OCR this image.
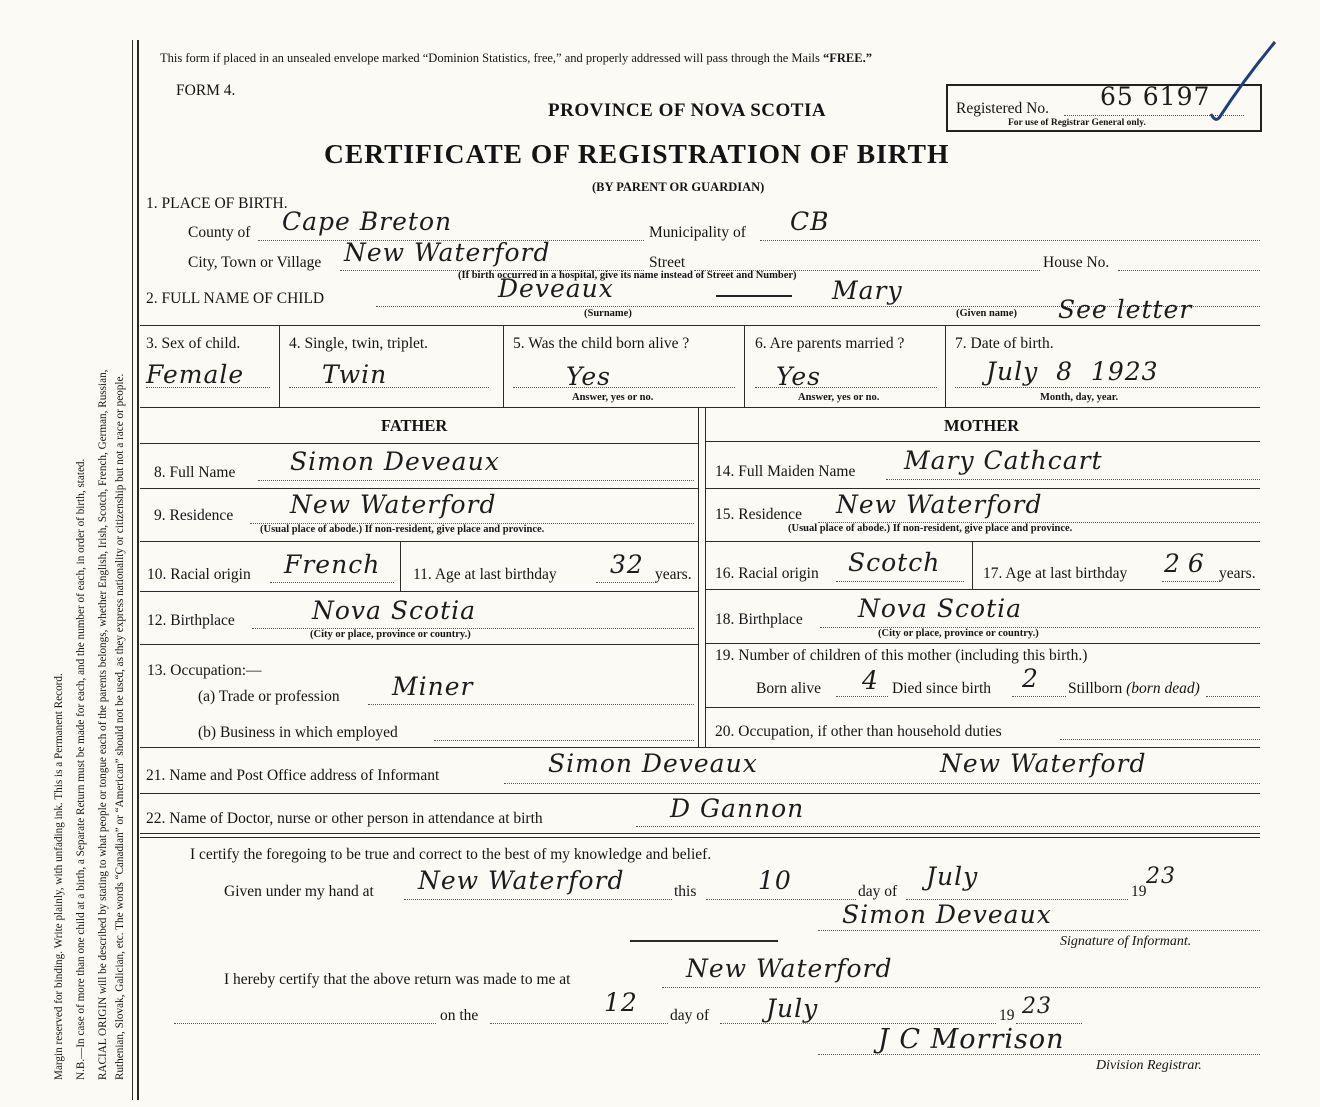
Margin reserved for binding. Write plainly, with unfading ink. This is a Permanent Record. N.B.—In case of more than one child at a birth, a Separate Return must be made for each, and the number of each, in order of birth, stated. RACIAL ORIGIN will be described by stating to what people or tongue each of the parents belongs, whether English, Irish, Scotch, French, German, Russian, Ruthenian, Slovak, Galician, etc. The words “Canadian” or “American” should not be used, as they express nationality or citizenship but not a race or people.
This form if placed in an unsealed envelope marked “Dominion Statistics, free,” and properly addressed will pass through the Mails “FREE.”
FORM 4.
PROVINCE OF NOVA SCOTIA
CERTIFICATE OF REGISTRATION OF BIRTH
(BY PARENT OR GUARDIAN)
Registered No. 65 6197
For use of Registrar General only.
1. PLACE OF BIRTH.
County of Cape Breton	Municipality of CB
City, Town or Village New Waterford	Street	House No.
(If birth occurred in a hospital, give its name instead of Street and Number)
2. FULL NAME OF CHILD	Deveaux	Mary
(Surname)	(Given name) See letter
3. Sex of child.
Female
4. Single, twin, triplet.
Twin
5. Was the child born alive ?
Yes
Answer, yes or no.
6. Are parents married ?
Yes
Answer, yes or no.
7. Date of birth.
July  8  1923
Month, day, year.
FATHER	MOTHER
8. Full Name Simon Deveaux
9. Residence New Waterford
(Usual place of abode.) If non-resident, give place and province.
10. Racial origin French 11. Age at last birthday 32 years.
12. Birthplace	Nova Scotia
(City or place, province or country.)
13. Occupation:—
(a) Trade or profession Miner
(b) Business in which employed
14. Full Maiden Name Mary Cathcart
15. Residence New Waterford
(Usual place of abode.) If non-resident, give place and province.
16. Racial origin Scotch	17. Age at last birthday 26 years.
18. Birthplace Nova Scotia
(City or place, province or country.)
19. Number of children of this mother (including this birth.)
Born alive 4 Died since birth 2 Stillborn (born dead)
20. Occupation, if other than household duties
21. Name and Post Office address of Informant	Simon Deveaux	New Waterford
22. Name of Doctor, nurse or other person in attendance at birth	D Gannon
I certify the foregoing to be true and correct to the best of my knowledge and belief.
Given under my hand at New Waterford	this 10	day of
July
19
23
Simon Deveaux
Signature of Informant.
I hereby certify that the above return was made to me at	New Waterford
on the	12 day of July	19 23
J C Morrison
Division Registrar.
